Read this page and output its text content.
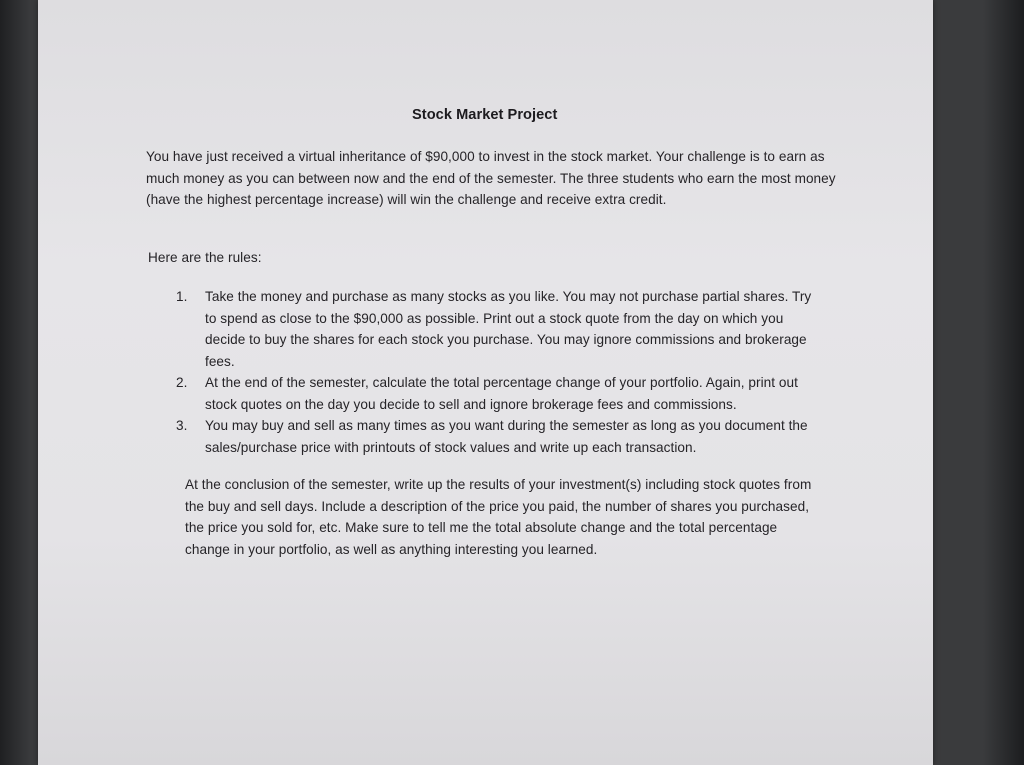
Stock Market Project

You have just received a virtual inheritance of $90,000 to invest in the stock market. Your challenge is to earn as much money as you can between now and the end of the semester. The three students who earn the most money (have the highest percentage increase) will win the challenge and receive extra credit.

Here are the rules:

1.	Take the money and purchase as many stocks as you like. You may not purchase partial shares. Try to spend as close to the $90,000 as possible. Print out a stock quote from the day on which you decide to buy the shares for each stock you purchase. You may ignore commissions and brokerage fees.
2.	At the end of the semester, calculate the total percentage change of your portfolio. Again, print out stock quotes on the day you decide to sell and ignore brokerage fees and commissions.
3.	You may buy and sell as many times as you want during the semester as long as you document the sales/purchase price with printouts of stock values and write up each transaction.

At the conclusion of the semester, write up the results of your investment(s) including stock quotes from the buy and sell days. Include a description of the price you paid, the number of shares you purchased, the price you sold for, etc. Make sure to tell me the total absolute change and the total percentage change in your portfolio, as well as anything interesting you learned.
